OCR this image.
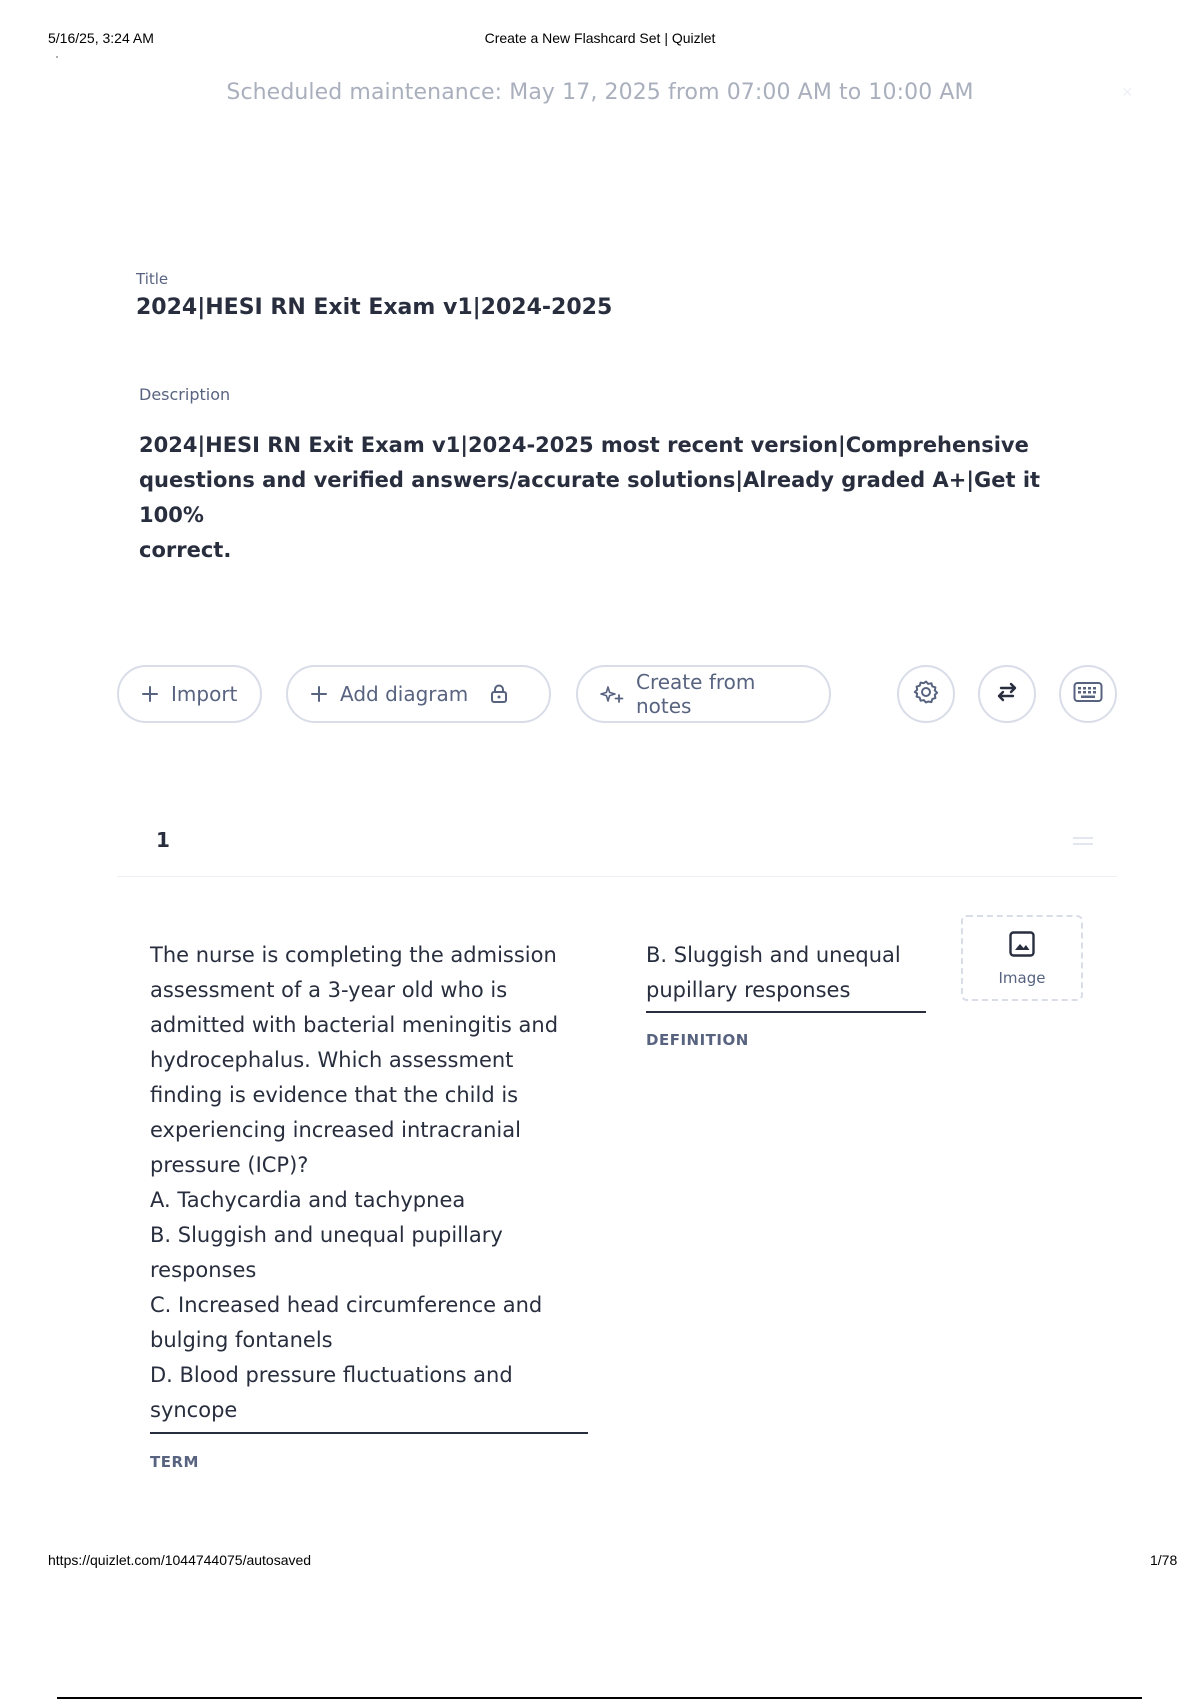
5/16/25, 3:24 AM	Create a New Flashcard Set | Quizlet
Scheduled maintenance: May 17, 2025 from 07:00 AM to 10:00 AM	×
Title
2024|HESI RN Exit Exam v1|2024-2025
Description
2024|HESI RN Exit Exam v1|2024-2025 most recent version|Comprehensive
questions and verified answers/accurate solutions|Already graded A+|Get it 100%
correct.
Import	Add diagram	Create from notes
1
The nurse is completing the admission
assessment of a 3-year old who is
admitted with bacterial meningitis and
hydrocephalus. Which assessment
finding is evidence that the child is
experiencing increased intracranial
pressure (ICP)?
A. Tachycardia and tachypnea
B. Sluggish and unequal pupillary
responses
C. Increased head circumference and
bulging fontanels
D. Blood pressure fluctuations and
syncope
TERM
B. Sluggish and unequal
pupillary responses
DEFINITION
Image
https://quizlet.com/1044744075/autosaved	1/78
